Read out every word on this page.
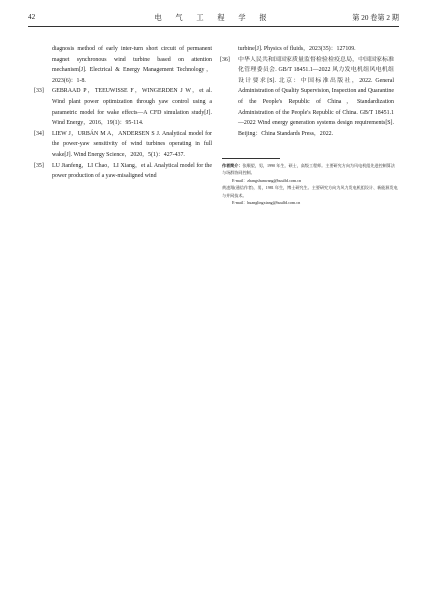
42	电 气 工 程 学 报	第 20 卷第 2 期

diagnosis method of early inter-turn short circuit of permanent magnet synchronous wind turbine based on attention mechanism[J]. Electrical & Energy Management Technology，2023(6)：1-8.

[33] GEBRAAD P，TEEUWISSE F，WINGERDEN J W，et al. Wind plant power optimization through yaw control using a parametric model for wake effects—A CFD simulation study[J]. Wind Energy，2016，19(1)：95-114.

[34] LIEW J，URBÁN M A，ANDERSEN S J. Analytical model for the power-yaw sensitivity of wind turbines operating in full wake[J]. Wind Energy Science，2020，5(1)：427-437.

[35] LU Jianfeng，LI Chao，LI Xiang，et al. Analytical model for the power production of a yaw-misaligned wind

turbine[J]. Physics of fluids，2023(35)：127109.

[36] 中华人民共和国国家质量监督检验检疫总局，中国国家标准化管理委员会. GB/T 18451.1—2022 风力发电机组风电机组设计要求[S]. 北京：中国标准出版社，2022. General Administration of Quality Supervision, Inspection and Quarantine of the People's Republic of China，Standardization Administration of the People's Republic of China. GB/T 18451.1—2022 Wind energy generation systems design requirements[S]. Beijing：China Standards Press，2022.

作者简介：张顺望，男，1990 年生，硕士，高级工程师。主要研究方向为风电机组先进控制算法与场群协同控制。

E-mail：zhangshunwang@huulfd.com.cn

黄凌翔(通信作者)，男，1981 年生，博士研究生。主要研究方向为风力发电机组设计、新能源发电与并网技术。

E-mail：huanglingxiang@huulfd.com.cn
